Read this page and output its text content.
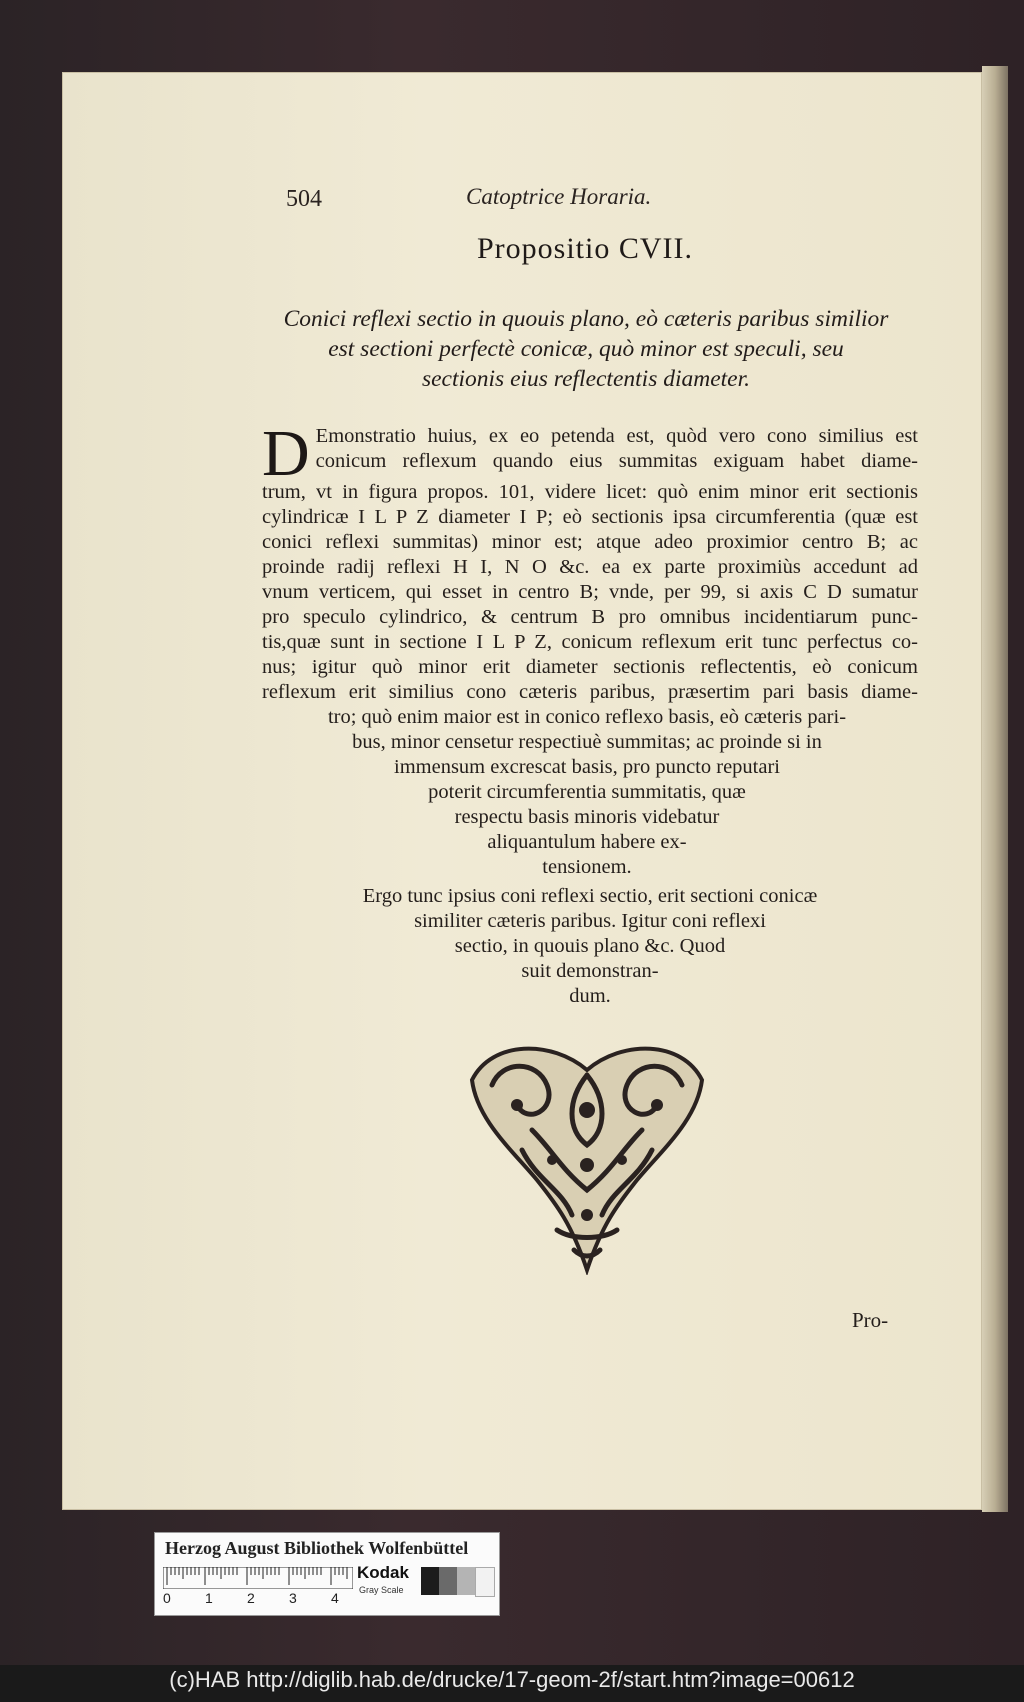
504	Catoptrice Horaria.
Propositio CVII.
Conici reflexi sectio in quouis plano, eò cæteris paribus similior
est sectioni perfectè conicæ, quò minor est speculi, seu
sectionis eius reflectentis diameter.
D Emonstratio huius, ex eo petenda est, quòd vero cono similius est
conicum reflexum quando eius summitas exiguam habet diame-
trum, vt in figura propos. 101, videre licet: quò enim minor erit sectionis
cylindricæ I L P Z diameter I P; eò sectionis ipsa circumferentia (quæ est
conici reflexi summitas) minor est; atque adeo proximior centro B; ac
proinde radij reflexi H I, N O &c. ea ex parte proximiùs accedunt ad
vnum verticem, qui esset in centro B; vnde, per 99, si axis C D sumatur
pro speculo cylindrico, & centrum B pro omnibus incidentiarum punc-
tis,quæ sunt in sectione I L P Z, conicum reflexum erit tunc perfectus co-
nus; igitur quò minor erit diameter sectionis reflectentis, eò conicum
reflexum erit similius cono cæteris paribus, præsertim pari basis diame-
tro; quò enim maior est in conico reflexo basis, eò cæteris pari-
bus, minor censetur respectiuè summitas; ac proinde si in
immensum excrescat basis, pro puncto reputari
poterit circumferentia summitatis, quæ
respectu basis minoris videbatur
aliquantulum habere ex-
tensionem.
Ergo tunc ipsius coni reflexi sectio, erit sectioni conicæ
similiter cæteris paribus. Igitur coni reflexi
sectio, in quouis plano &c. Quod
suit demonstran-
dum.
Pro-
Herzog August Bibliothek Wolfenbüttel
0 1 2 3 4
Kodak
Gray Scale
(c)HAB http://diglib.hab.de/drucke/17-geom-2f/start.htm?image=00612
